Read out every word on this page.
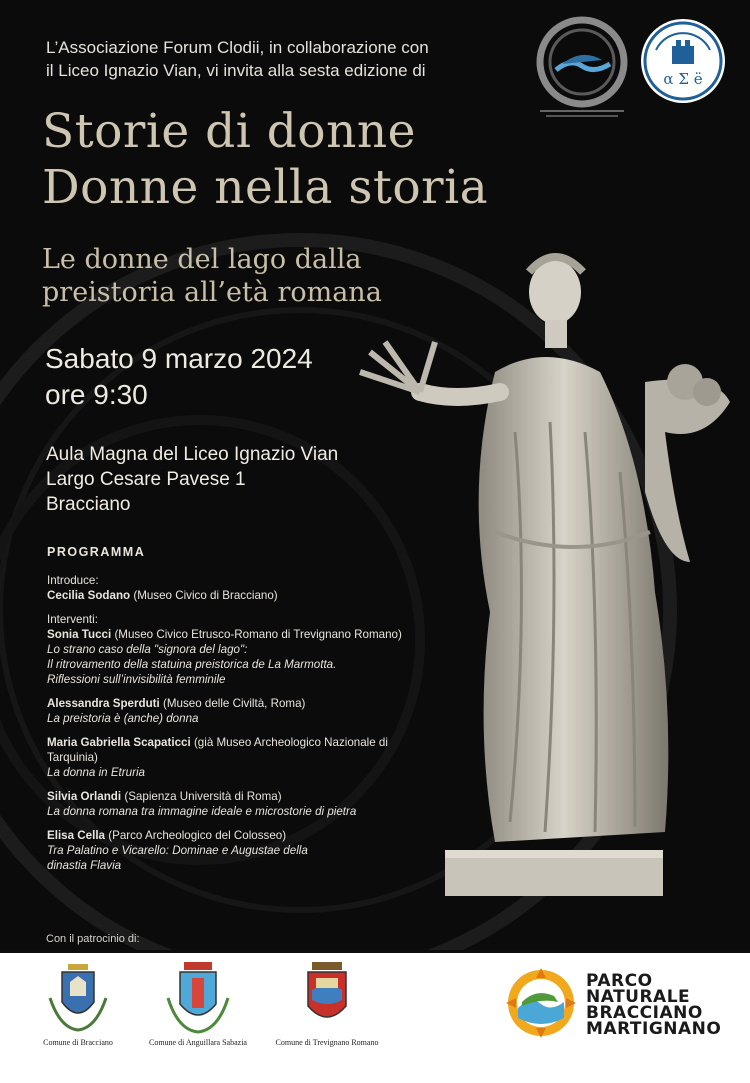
L’Associazione Forum Clodii, in collaborazione con
il Liceo Ignazio Vian, vi invita alla sesta edizione di	α Σ ë
Storie di donne
Donne nella storia
Le donne del lago dalla
preistoria all’età romana
Sabato 9 marzo 2024
ore 9:30
Aula Magna del Liceo Ignazio Vian
Largo Cesare Pavese 1
Bracciano
PROGRAMMA
Introduce:
Cecilia Sodano (Museo Civico di Bracciano)
Interventi:
Sonia Tucci (Museo Civico Etrusco-Romano di Trevignano Romano)
Lo strano caso della "signora del lago":
Il ritrovamento della statuina preistorica de La Marmotta.
Riflessioni sull’invisibilità femminile
Alessandra Sperduti (Museo delle Civiltà, Roma)
La preistoria è (anche) donna
Maria Gabriella Scapaticci (già Museo Archeologico Nazionale di Tarquinia)
La donna in Etruria
Silvia Orlandi (Sapienza Università di Roma)
La donna romana tra immagine ideale e microstorie di pietra
Elisa Cella (Parco Archeologico del Colosseo)
Tra Palatino e Vicarello: Dominae e Augustae della
dinastia Flavia
Con il patrocinio di:
Comune di Bracciano	Comune di Anguillara Sabazia	Comune di Trevignano Romano
PARCO
NATURALE
BRACCIANO
MARTIGNANO
